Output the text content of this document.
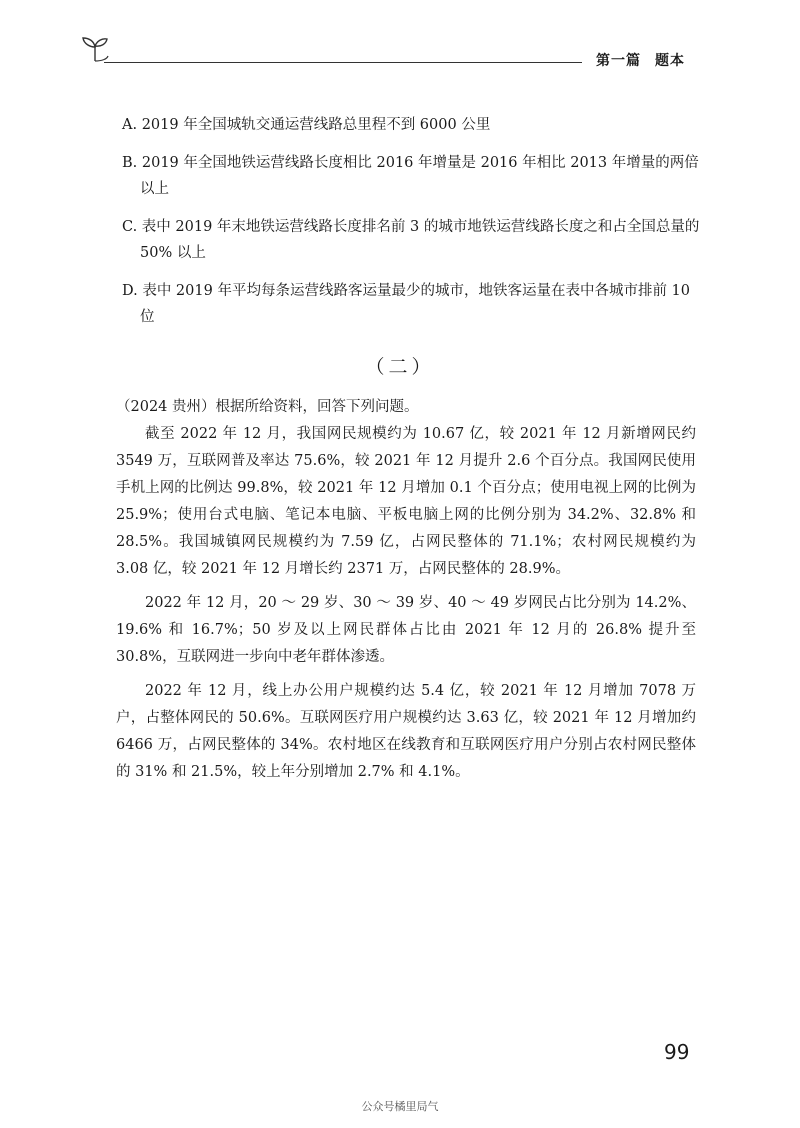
第一篇 题本
A. 2019 年全国城轨交通运营线路总里程不到 6000 公里
B. 2019 年全国地铁运营线路长度相比 2016 年增量是 2016 年相比 2013 年增量的两倍以上
C. 表中 2019 年末地铁运营线路长度排名前 3 的城市地铁运营线路长度之和占全国总量的 50% 以上
D. 表中 2019 年平均每条运营线路客运量最少的城市，地铁客运量在表中各城市排前 10 位
（二）

（2024 贵州）根据所给资料，回答下列问题。

截至 2022 年 12 月，我国网民规模约为 10.67 亿，较 2021 年 12 月新增网民约 3549 万，互联网普及率达 75.6%，较 2021 年 12 月提升 2.6 个百分点。我国网民使用手机上网的比例达 99.8%，较 2021 年 12 月增加 0.1 个百分点；使用电视上网的比例为 25.9%；使用台式电脑、笔记本电脑、平板电脑上网的比例分别为 34.2%、32.8% 和 28.5%。我国城镇网民规模约为 7.59 亿，占网民整体的 71.1%；农村网民规模约为 3.08 亿，较 2021 年 12 月增长约 2371 万，占网民整体的 28.9%。

2022 年 12 月，20 ～ 29 岁、30 ～ 39 岁、40 ～ 49 岁网民占比分别为 14.2%、19.6% 和 16.7%；50 岁及以上网民群体占比由 2021 年 12 月的 26.8% 提升至 30.8%，互联网进一步向中老年群体渗透。

2022 年 12 月，线上办公用户规模约达 5.4 亿，较 2021 年 12 月增加 7078 万户，占整体网民的 50.6%。互联网医疗用户规模约达 3.63 亿，较 2021 年 12 月增加约 6466 万，占网民整体的 34%。农村地区在线教育和互联网医疗用户分别占农村网民整体的 31% 和 21.5%，较上年分别增加 2.7% 和 4.1%。

99
公众号橘里局气
